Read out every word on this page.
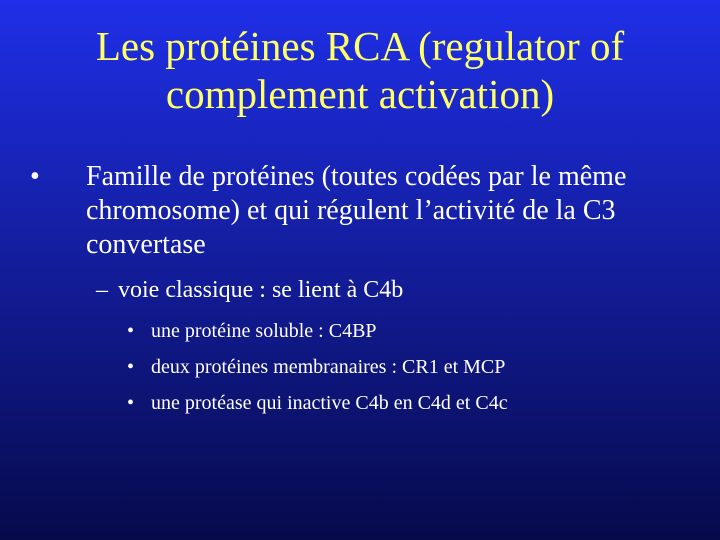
Les protéines RCA (regulator of complement activation)
•	Famille de protéines (toutes codées par le même chromosome) et qui régulent l’activité de la C3 convertase
– voie classique : se lient à C4b
• une protéine soluble : C4BP
• deux protéines membranaires : CR1 et MCP
• une protéase qui inactive C4b en C4d et C4c
